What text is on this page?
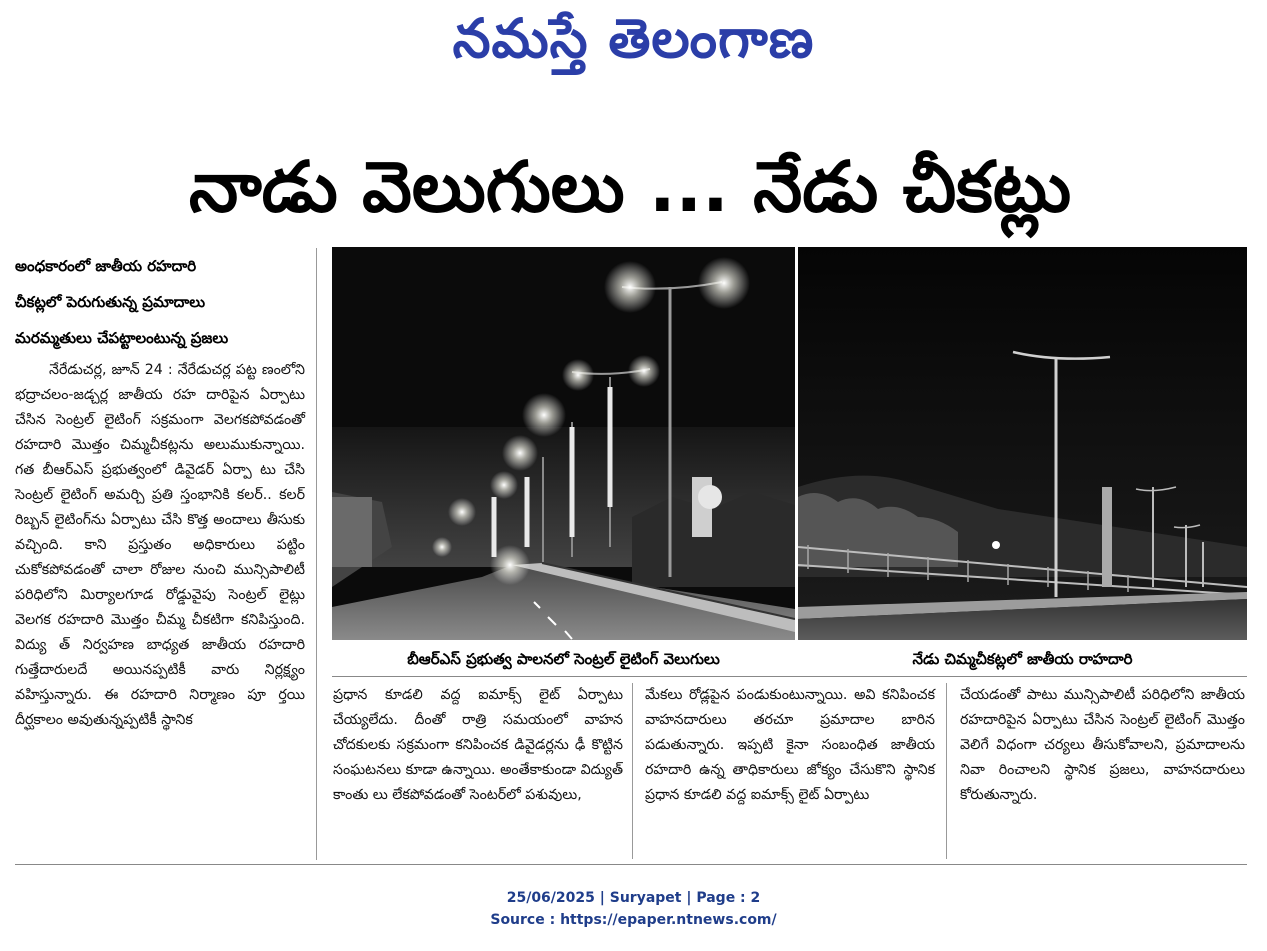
నమస్తే తెలంగాణ
నాడు వెలుగులు ... నేడు చీకట్లు
అంధకారంలో జాతీయ రహదారి
చీకట్లలో పెరుగుతున్న ప్రమాదాలు
మరమ్మతులు చేపట్టాలంటున్న ప్రజలు
నేరేడుచర్ల, జూన్ 24 : నేరేడుచర్ల పట్ట ణంలోని భద్రాచలం-జడ్చర్ల జాతీయ రహ దారిపైన ఏర్పాటు చేసిన సెంట్రల్ లైటింగ్ సక్రమంగా వెలగకపోవడంతో రహదారి మొత్తం చిమ్మచీకట్లను అలుముకున్నాయి. గత బీఆర్ఎస్ ప్రభుత్వంలో డివైడర్ ఏర్పా టు చేసి సెంట్రల్ లైటింగ్ అమర్చి ప్రతి స్తంభానికి కలర్.. కలర్ రిబ్బన్ లైటింగ్‌ను ఏర్పాటు చేసి కొత్త అందాలు తీసుకు వచ్చింది. కాని ప్రస్తుతం అధికారులు పట్టిం చుకోకపోవడంతో చాలా రోజుల నుంచి మున్సిపాలిటీ పరిధిలోని మిర్యాలగూడ రోడ్డువైపు సెంట్రల్ లైట్లు వెలగక రహదారి మొత్తం చీమ్మ చీకటిగా కనిపిస్తుంది. విద్యు త్ నిర్వహణ బాధ్యత జాతీయ రహదారి గుత్తేదారులదే అయినప్పటికీ వారు నిర్లక్ష్యం వహిస్తున్నారు. ఈ రహదారి నిర్మాణం పూ ర్తయి దీర్ఘకాలం అవుతున్నప్పటికీ స్థానిక
బీఆర్ఎస్ ప్రభుత్వ పాలనలో సెంట్రల్ లైటింగ్ వెలుగులు	నేడు చిమ్మచీకట్లలో జాతీయ రాహదారి
ప్రధాన కూడలి వద్ద ఐమాక్స్ లైట్ ఏర్పాటు చేయ్యలేదు. దీంతో రాత్రి సమయంలో వాహన చోదకులకు సక్రమంగా కనిపించక డివైడర్లను ఢీ కొట్టిన సంఘటనలు కూడా ఉన్నాయి. అంతేకాకుండా విద్యుత్ కాంతు లు లేకపోవడంతో సెంటర్‌లో పశువులు,
మేకలు రోడ్లపైన పండుకుంటున్నాయి. అవి కనిపించక వాహనదారులు తరచూ ప్రమాదాల బారిన పడుతున్నారు. ఇప్పటి కైనా సంబంధిత జాతీయ రహదారి ఉన్న తాధికారులు జోక్యం చేసుకొని స్థానిక ప్రధాన కూడలి వద్ద ఐమాక్స్ లైట్ ఏర్పాటు
చేయడంతో పాటు మున్సిపాలిటీ పరిధిలోని జాతీయ రహదారిపైన ఏర్పాటు చేసిన సెంట్రల్ లైటింగ్ మొత్తం వెలిగే విధంగా చర్యలు తీసుకోవాలని, ప్రమాదాలను నివా రించాలని స్థానిక ప్రజలు, వాహనదారులు కోరుతున్నారు.
25/06/2025 | Suryapet | Page : 2
Source : https://epaper.ntnews.com/
